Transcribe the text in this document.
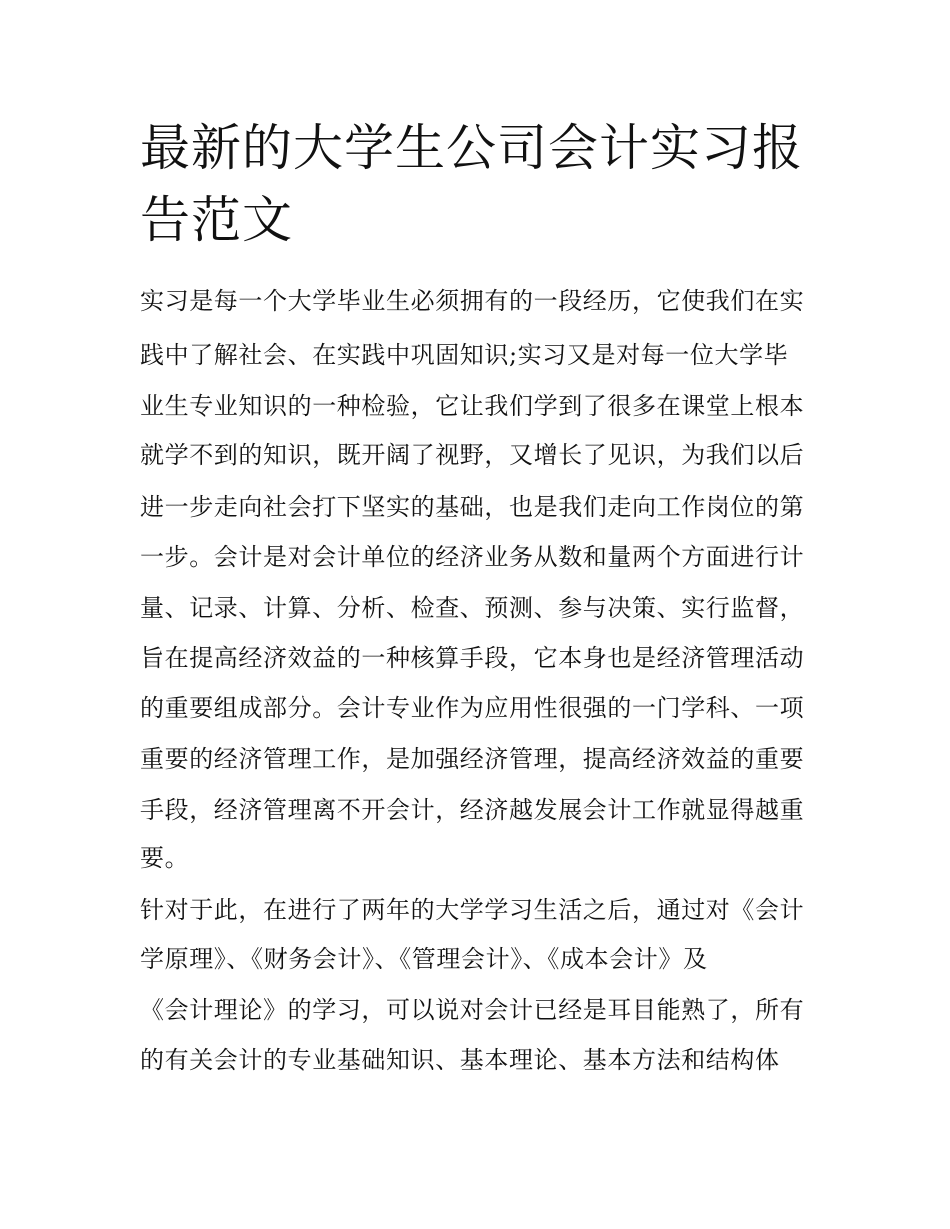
最新的大学生公司会计实习报
告范文

实习是每一个大学毕业生必须拥有的一段经历，它使我们在实

践中了解社会、在实践中巩固知识;实习又是对每一位大学毕

业生专业知识的一种检验，它让我们学到了很多在课堂上根本

就学不到的知识，既开阔了视野，又增长了见识，为我们以后

进一步走向社会打下坚实的基础，也是我们走向工作岗位的第

一步。会计是对会计单位的经济业务从数和量两个方面进行计

量、记录、计算、分析、检查、预测、参与决策、实行监督，

旨在提高经济效益的一种核算手段，它本身也是经济管理活动

的重要组成部分。会计专业作为应用性很强的一门学科、一项

重要的经济管理工作，是加强经济管理，提高经济效益的重要

手段，经济管理离不开会计，经济越发展会计工作就显得越重

要。

针对于此，在进行了两年的大学学习生活之后，通过对《会计

学原理》、《财务会计》、《管理会计》、《成本会计》及

《会计理论》的学习，可以说对会计已经是耳目能熟了，所有

的有关会计的专业基础知识、基本理论、基本方法和结构体
